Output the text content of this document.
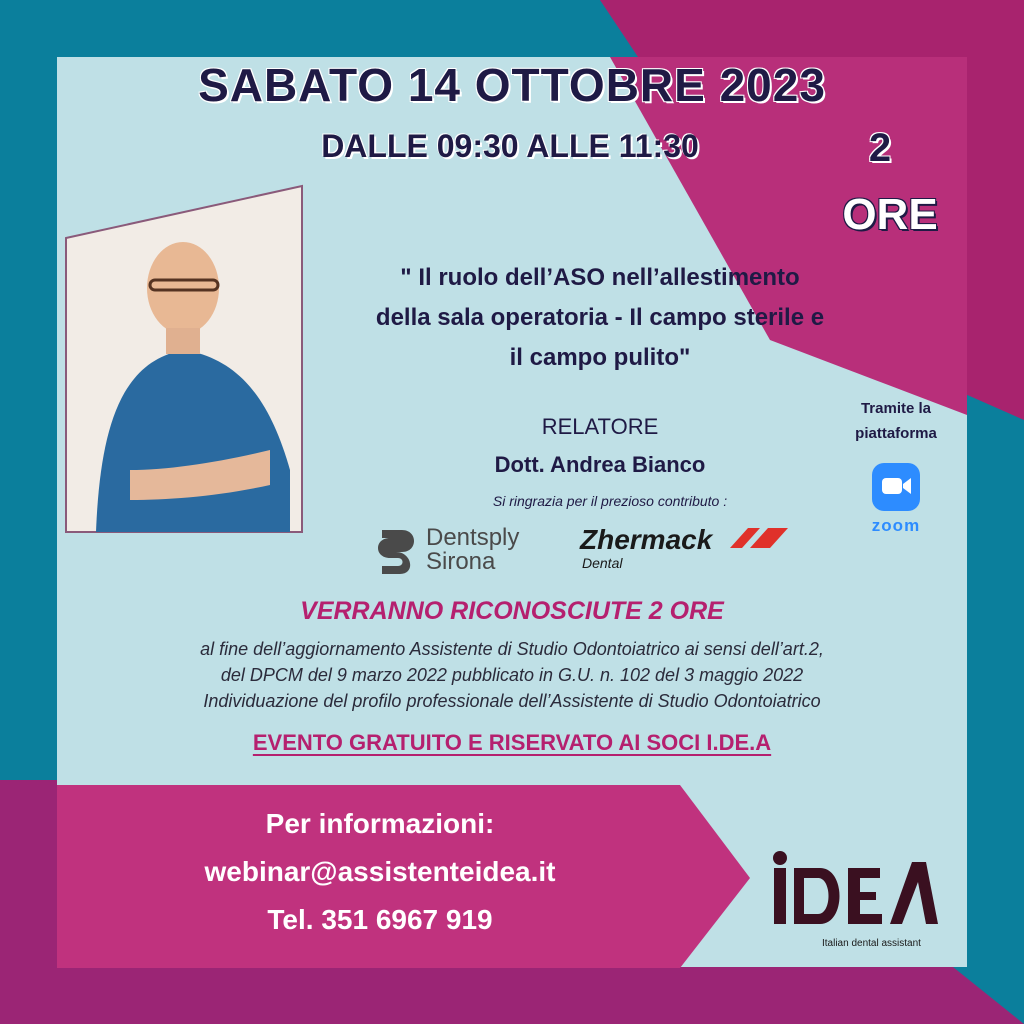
SABATO 14 OTTOBRE 2023
DALLE 09:30 ALLE 11:30	2
ORE
" Il ruolo dell’ASO nell’allestimento
della sala operatoria - Il campo sterile e
il campo pulito"
RELATORE
Dott. Andrea Bianco
Si ringrazia per il prezioso contributo :
Dentsply
Sirona
Zhermack
Dental
Tramite la
piattaforma
zoom
VERRANNO RICONOSCIUTE 2 ORE
al fine dell’aggiornamento Assistente di Studio Odontoiatrico ai sensi dell’art.2,
del DPCM del 9 marzo 2022 pubblicato in G.U. n. 102 del 3 maggio 2022
Individuazione del profilo professionale dell’Assistente di Studio Odontoiatrico
EVENTO GRATUITO E RISERVATO AI SOCI I.DE.A
Per informazioni:
webinar@assistenteidea.it
Tel. 351 6967 919
Italian dental assistant
